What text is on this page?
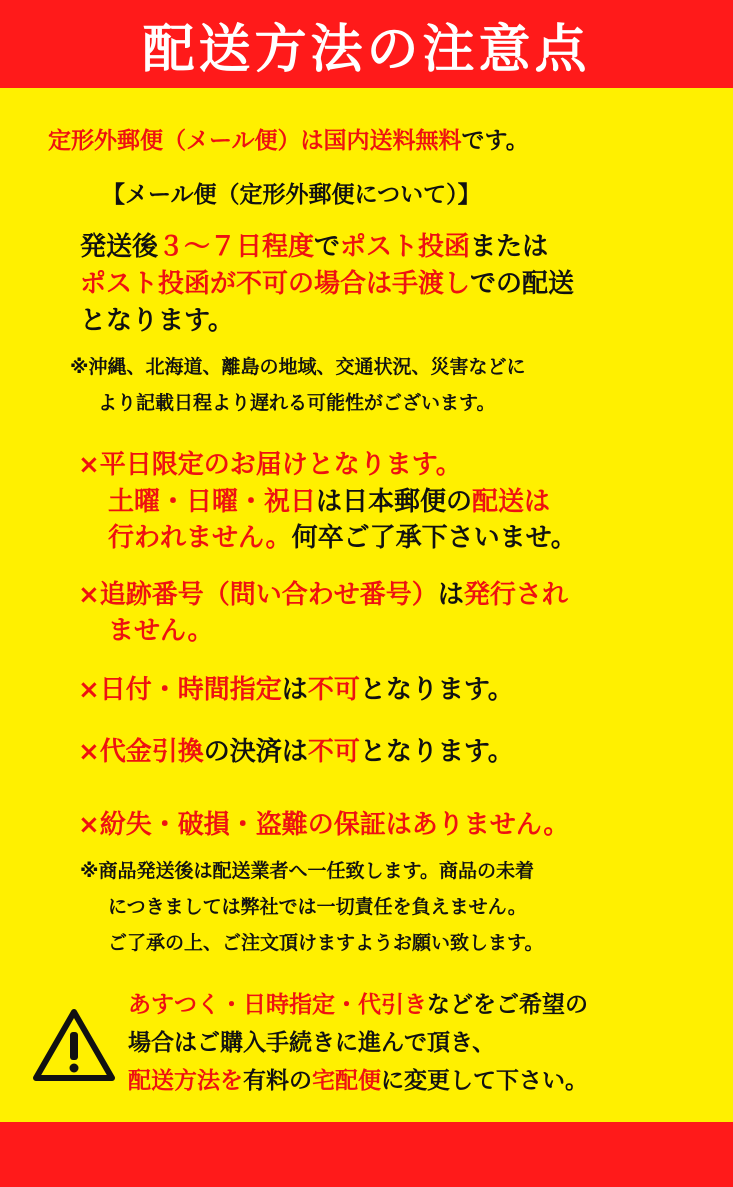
配送方法の注意点
定形外郵便（メール便）は国内送料無料です。
【メール便（定形外郵便について）】
発送後３～７日程度でポスト投函または
ポスト投函が不可の場合は手渡しでの配送
となります。
※沖縄、北海道、離島の地域、交通状況、災害などに
より記載日程より遅れる可能性がございます。
×平日限定のお届けとなります。
土曜・日曜・祝日は日本郵便の配送は
行われません。何卒ご了承下さいませ。
×追跡番号（問い合わせ番号）は発行され
ません。
×日付・時間指定は不可となります。
×代金引換の決済は不可となります。
×紛失・破損・盗難の保証はありません。
※商品発送後は配送業者へ一任致します。商品の未着
につきましては弊社では一切責任を負えません。
ご了承の上、ご注文頂けますようお願い致します。
あすつく・日時指定・代引きなどをご希望の
場合はご購入手続きに進んで頂き、
配送方法を有料の宅配便に変更して下さい。
